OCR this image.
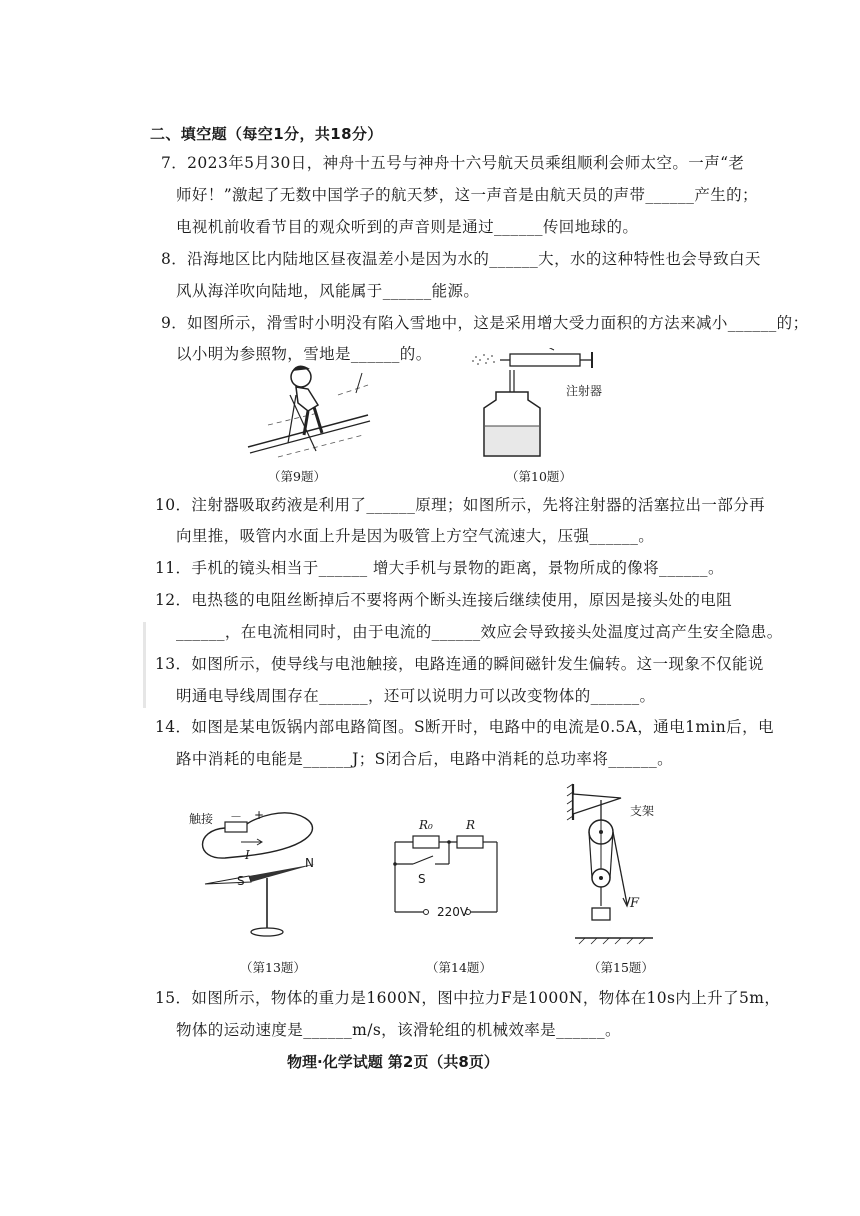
二、填空题（每空1分，共18分）
7．2023年5月30日，神舟十五号与神舟十六号航天员乘组顺利会师太空。一声“老
师好！”激起了无数中国学子的航天梦，这一声音是由航天员的声带______产生的；
电视机前收看节目的观众听到的声音则是通过______传回地球的。
8．沿海地区比内陆地区昼夜温差小是因为水的______大，水的这种特性也会导致白天
风从海洋吹向陆地，风能属于______能源。
9．如图所示，滑雪时小明没有陷入雪地中，这是采用增大受力面积的方法来减小______的；
以小明为参照物，雪地是______的。
（第9题）
注射器
（第10题）
10．注射器吸取药液是利用了______原理；如图所示，先将注射器的活塞拉出一部分再
向里推，吸管内水面上升是因为吸管上方空气流速大，压强______。
11．手机的镜头相当于______ 增大手机与景物的距离，景物所成的像将______。
12．电热毯的电阻丝断掉后不要将两个断头连接后继续使用，原因是接头处的电阻
______，在电流相同时，由于电流的______效应会导致接头处温度过高产生安全隐患。
13．如图所示，使导线与电池触接，电路连通的瞬间磁针发生偏转。这一现象不仅能说
明通电导线周围存在______，还可以说明力可以改变物体的______。
14．如图是某电饭锅内部电路简图。S断开时，电路中的电流是0.5A，通电1min后，电
路中消耗的电能是______J；S闭合后，电路中消耗的总功率将______。
触接 － +
I
N
S
（第13题）
R₀	R
S
220V
（第14题）
支架
F
（第15题）
15．如图所示，物体的重力是1600N，图中拉力F是1000N，物体在10s内上升了5m，
物体的运动速度是______m/s，该滑轮组的机械效率是______。
物理·化学试题 第2页（共8页）
